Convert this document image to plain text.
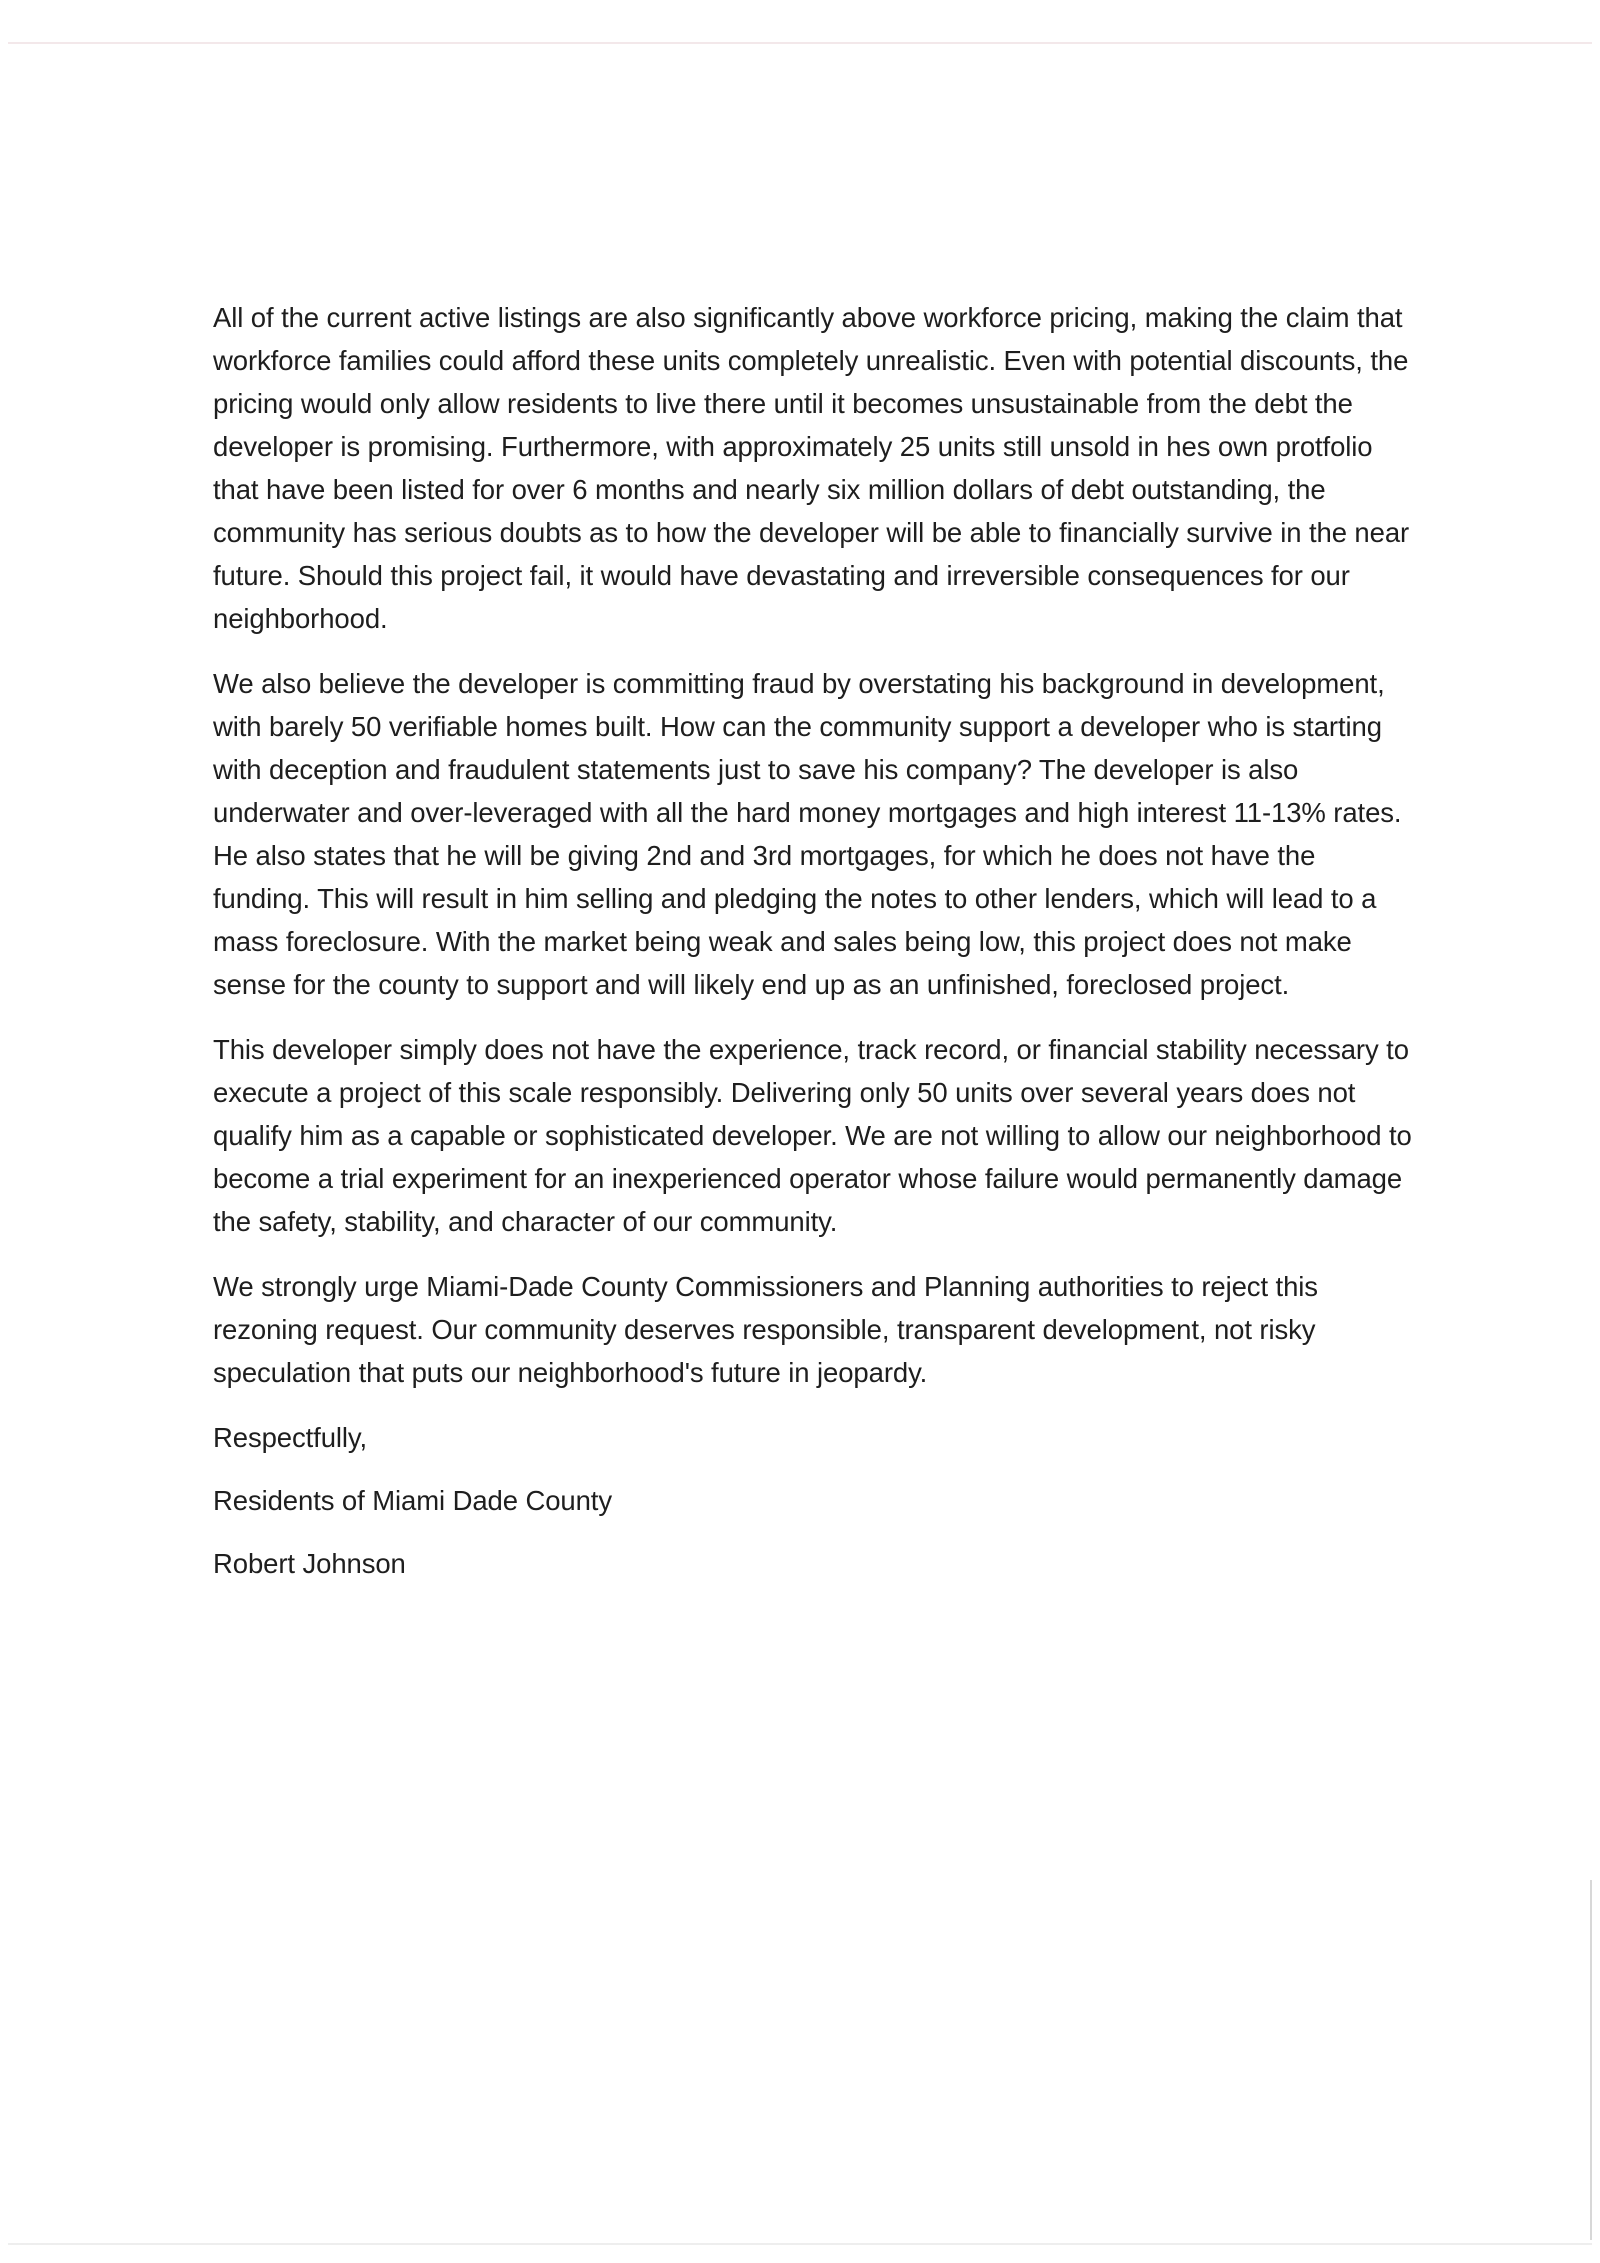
All of the current active listings are also significantly above workforce pricing, making the claim that workforce families could afford these units completely unrealistic. Even with potential discounts, the pricing would only allow residents to live there until it becomes unsustainable from the debt the developer is promising. Furthermore, with approximately 25 units still unsold in hes own protfolio that have been listed for over 6 months and nearly six million dollars of debt outstanding, the community has serious doubts as to how the developer will be able to financially survive in the near future. Should this project fail, it would have devastating and irreversible consequences for our neighborhood.

We also believe the developer is committing fraud by overstating his background in development, with barely 50 verifiable homes built. How can the community support a developer who is starting with deception and fraudulent statements just to save his company? The developer is also underwater and over-leveraged with all the hard money mortgages and high interest 11-13% rates. He also states that he will be giving 2nd and 3rd mortgages, for which he does not have the funding. This will result in him selling and pledging the notes to other lenders, which will lead to a mass foreclosure. With the market being weak and sales being low, this project does not make sense for the county to support and will likely end up as an unfinished, foreclosed project.

This developer simply does not have the experience, track record, or financial stability necessary to execute a project of this scale responsibly. Delivering only 50 units over several years does not qualify him as a capable or sophisticated developer. We are not willing to allow our neighborhood to become a trial experiment for an inexperienced operator whose failure would permanently damage the safety, stability, and character of our community.

We strongly urge Miami-Dade County Commissioners and Planning authorities to reject this rezoning request. Our community deserves responsible, transparent development, not risky speculation that puts our neighborhood's future in jeopardy.

Respectfully,

Residents of Miami Dade County

Robert Johnson
